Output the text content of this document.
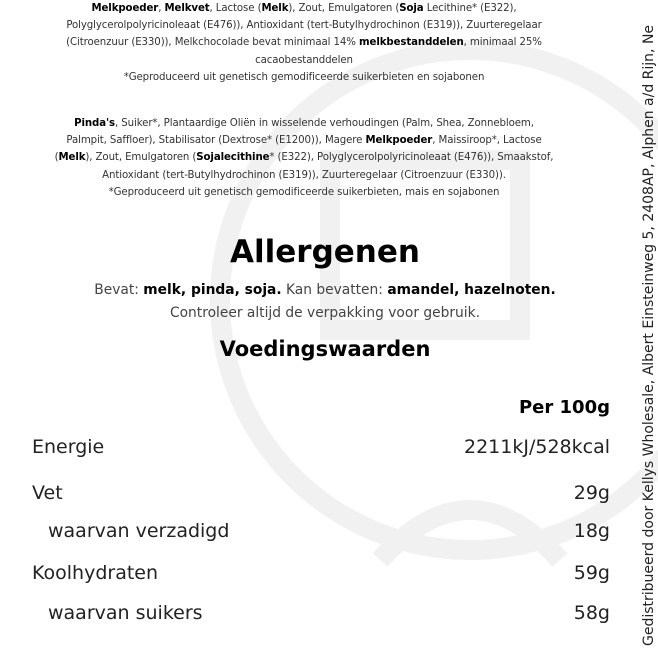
Melkpoeder, Melkvet, Lactose (Melk), Zout, Emulgatoren (Soja Lecithine* (E322),

Polyglycerolpolyricinoleaat (E476)), Antioxidant (tert-Butylhydrochinon (E319)), Zuurteregelaar

(Citroenzuur (E330)), Melkchocolade bevat minimaal 14% melkbestanddelen, minimaal 25%

cacaobestanddelen

*Geproduceerd uit genetisch gemodificeerde suikerbieten en sojabonen

Pinda's, Suiker*, Plantaardige Oliën in wisselende verhoudingen (Palm, Shea, Zonnebloem,

Palmpit, Saffloer), Stabilisator (Dextrose* (E1200)), Magere Melkpoeder, Maissiroop*, Lactose

(Melk), Zout, Emulgatoren (Sojalecithine* (E322), Polyglycerolpolyricinoleaat (E476)), Smaakstof,

Antioxidant (tert-Butylhydrochinon (E319)), Zuurteregelaar (Citroenzuur (E330)).

*Geproduceerd uit genetisch gemodificeerde suikerbieten, mais en sojabonen

Allergenen

Bevat: melk, pinda, soja. Kan bevatten: amandel, hazelnoten.

Controleer altijd de verpakking voor gebruik.

Voedingswaarden

Per 100g

Energie	2211kJ/528kcal
Vet	29g
waarvan verzadigd	18g
Koolhydraten	59g
waarvan suikers	58g Gedistribueerd door Kellys Wholesale, Albert Einsteinweg 5, 2408AP, Alphen a/d Rijn, Ne
